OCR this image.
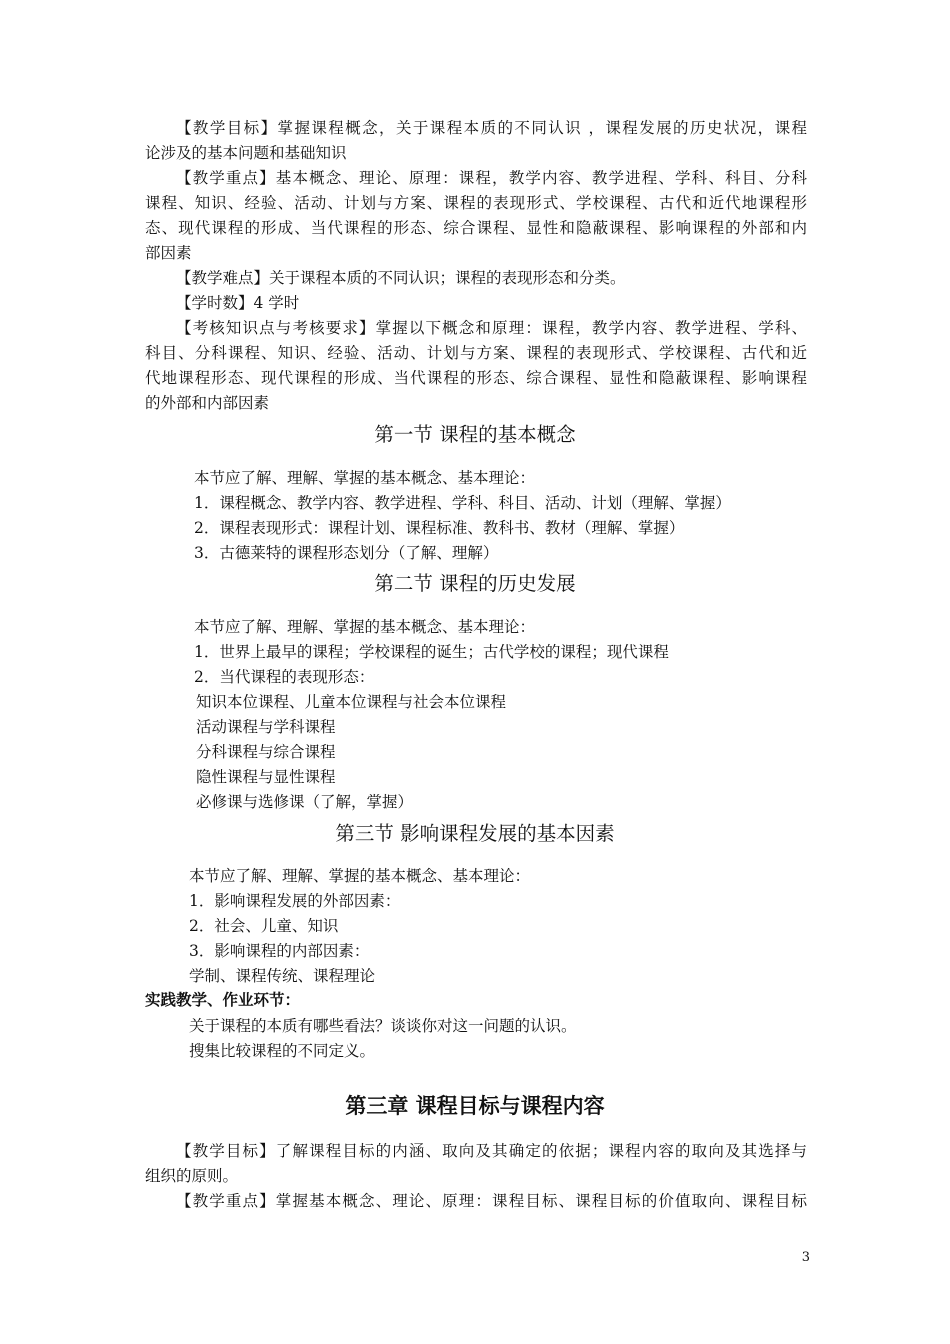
【教学目标】掌握课程概念，关于课程本质的不同认识 ，课程发展的历史状况，课程
论涉及的基本问题和基础知识
【教学重点】基本概念、理论、原理：课程，教学内容、教学进程、学科、科目、分科
课程、知识、经验、活动、计划与方案、课程的表现形式、学校课程、古代和近代地课程形
态、现代课程的形成、当代课程的形态、综合课程、显性和隐蔽课程、影响课程的外部和内
部因素
【教学难点】关于课程本质的不同认识；课程的表现形态和分类。
【学时数】4 学时
【考核知识点与考核要求】掌握以下概念和原理：课程，教学内容、教学进程、学科、
科目、分科课程、知识、经验、活动、计划与方案、课程的表现形式、学校课程、古代和近
代地课程形态、现代课程的形成、当代课程的形态、综合课程、显性和隐蔽课程、影响课程
的外部和内部因素
第一节 课程的基本概念
本节应了解、理解、掌握的基本概念、基本理论：
1．课程概念、教学内容、教学进程、学科、科目、活动、计划（理解、掌握）
2．课程表现形式：课程计划、课程标准、教科书、教材（理解、掌握）
3．古德莱特的课程形态划分（了解、理解）
第二节 课程的历史发展
本节应了解、理解、掌握的基本概念、基本理论：
1．世界上最早的课程；学校课程的诞生；古代学校的课程；现代课程
2．当代课程的表现形态：
知识本位课程、儿童本位课程与社会本位课程
活动课程与学科课程
分科课程与综合课程
隐性课程与显性课程
必修课与选修课（了解，掌握）
第三节 影响课程发展的基本因素
本节应了解、理解、掌握的基本概念、基本理论：
1．影响课程发展的外部因素：
2．社会、儿童、知识
3．影响课程的内部因素：
学制、课程传统、课程理论
实践教学、作业环节：
关于课程的本质有哪些看法？谈谈你对这一问题的认识。
搜集比较课程的不同定义。
第三章 课程目标与课程内容
【教学目标】了解课程目标的内涵、取向及其确定的依据；课程内容的取向及其选择与
组织的原则。
【教学重点】掌握基本概念、理论、原理：课程目标、课程目标的价值取向、课程目标
3
